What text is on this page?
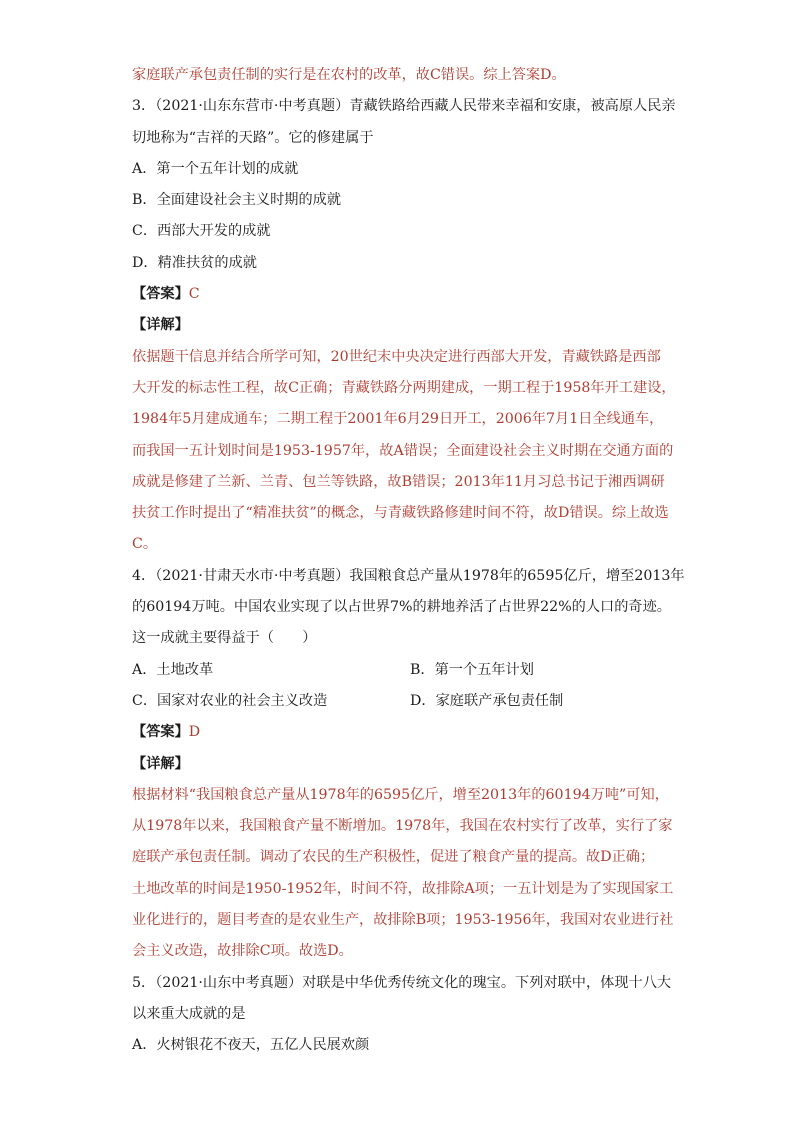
家庭联产承包责任制的实行是在农村的改革，故C错误。综上答案D。
3．（2021·山东东营市·中考真题）青藏铁路给西藏人民带来幸福和安康，被高原人民亲
切地称为“吉祥的天路”。它的修建属于
A．第一个五年计划的成就
B．全面建设社会主义时期的成就
C．西部大开发的成就
D．精准扶贫的成就
【答案】C
【详解】
依据题干信息并结合所学可知，20世纪末中央决定进行西部大开发，青藏铁路是西部
大开发的标志性工程，故C正确；青藏铁路分两期建成，一期工程于1958年开工建设，
1984年5月建成通车；二期工程于2001年6月29日开工，2006年7月1日全线通车，
而我国一五计划时间是1953-1957年，故A错误；全面建设社会主义时期在交通方面的
成就是修建了兰新、兰青、包兰等铁路，故B错误；2013年11月习总书记于湘西调研
扶贫工作时提出了“精准扶贫”的概念，与青藏铁路修建时间不符，故D错误。综上故选
C。
4．（2021·甘肃天水市·中考真题）我国粮食总产量从1978年的6595亿斤，增至2013年
的60194万吨。中国农业实现了以占世界7%的耕地养活了占世界22%的人口的奇迹。
这一成就主要得益于（　　）
A．土地改革	B．第一个五年计划
C．国家对农业的社会主义改造	D．家庭联产承包责任制
【答案】D
【详解】
根据材料“我国粮食总产量从1978年的6595亿斤，增至2013年的60194万吨”可知，
从1978年以来，我国粮食产量不断增加。1978年，我国在农村实行了改革，实行了家
庭联产承包责任制。调动了农民的生产积极性，促进了粮食产量的提高。故D正确；
土地改革的时间是1950-1952年，时间不符，故排除A项；一五计划是为了实现国家工
业化进行的，题目考查的是农业生产，故排除B项；1953-1956年，我国对农业进行社
会主义改造，故排除C项。故选D。
5．（2021·山东中考真题）对联是中华优秀传统文化的瑰宝。下列对联中，体现十八大
以来重大成就的是
A．火树银花不夜天，五亿人民展欢颜
